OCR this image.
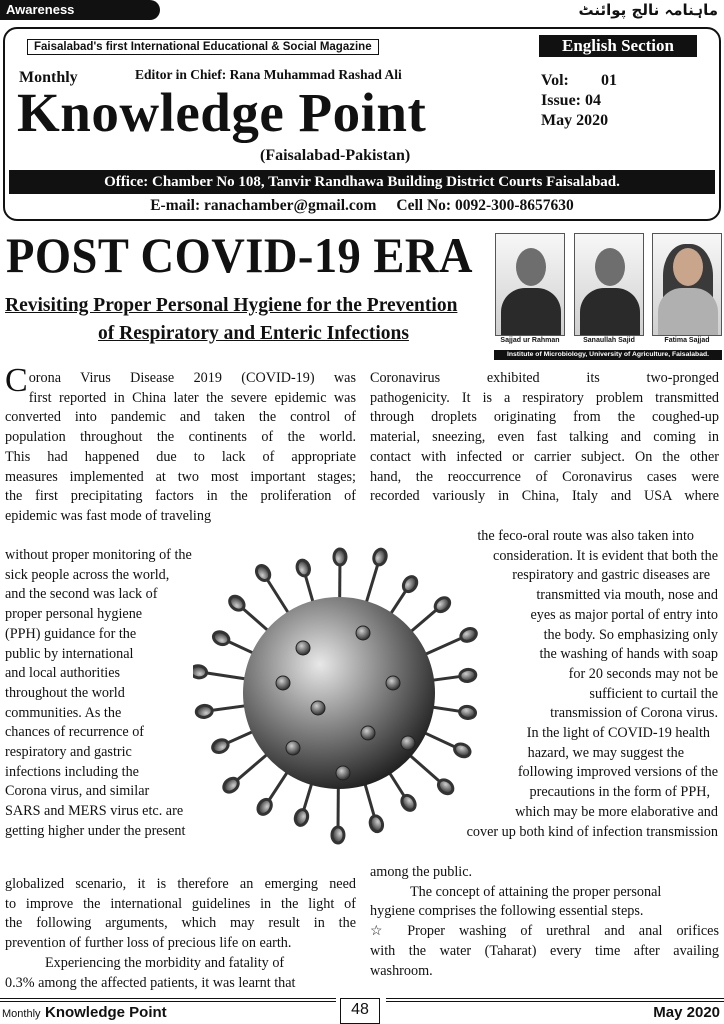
Awareness	ماہنامہ نالج پوائنٹ
Faisalabad's first International Educational & Social Magazine	English Section
Monthly	Editor in Chief: Rana Muhammad Rashad Ali
Knowledge Point
Vol: 01
Issue: 04
May 2020
(Faisalabad-Pakistan)
Office: Chamber No 108, Tanvir Randhawa Building District Courts Faisalabad.
E-mail: ranachamber@gmail.com Cell No: 0092-300-8657630
POST COVID-19 ERA
Revisiting Proper Personal Hygiene for the Prevention
of Respiratory and Enteric Infections	Sajjad ur Rahman	Sanaullah Sajid	Fatima Sajjad
Institute of Microbiology, University of Agriculture, Faisalabad.
C orona Virus Disease 2019 (COVID-19) was
first reported in China later the severe epidemic was
converted into pandemic and taken the control of
population throughout the continents of the world.
This had happened due to lack of appropriate
measures implemented at two most important stages;
the first precipitating factors in the proliferation of
epidemic was fast mode of traveling
without proper monitoring of the
sick people across the world,
and the second was lack of
proper personal hygiene
(PPH) guidance for the
public by international
and local authorities
throughout the world
communities. As the
chances of recurrence of
respiratory and gastric
infections including the
Corona virus, and similar
SARS and MERS virus etc. are
getting higher under the present
globalized scenario, it is therefore an emerging need
to improve the international guidelines in the light of
the following arguments, which may result in the
prevention of further loss of precious life on earth.
Experiencing the morbidity and fatality of
0.3% among the affected patients, it was learnt that
Coronavirus exhibited its two-pronged
pathogenicity. It is a respiratory problem transmitted
through droplets originating from the coughed-up
material, sneezing, even fast talking and coming in
contact with infected or carrier subject. On the other
hand, the reoccurrence of Coronavirus cases were
recorded variously in China, Italy and USA where
the feco-oral route was also taken into
consideration. It is evident that both the
respiratory and gastric diseases are
transmitted via mouth, nose and
eyes as major portal of entry into
the body. So emphasizing only
the washing of hands with soap
for 20 seconds may not be
sufficient to curtail the
transmission of Corona virus.
In the light of COVID-19 health
hazard, we may suggest the
following improved versions of the
precautions in the form of PPH,
which may be more elaborative and
cover up both kind of infection transmission
among the public.
The concept of attaining the proper personal
hygiene comprises the following essential steps.
☆ Proper washing of urethral and anal orifices
with the water (Taharat) every time after availing
washroom.
Monthly Knowledge Point	48	May 2020
